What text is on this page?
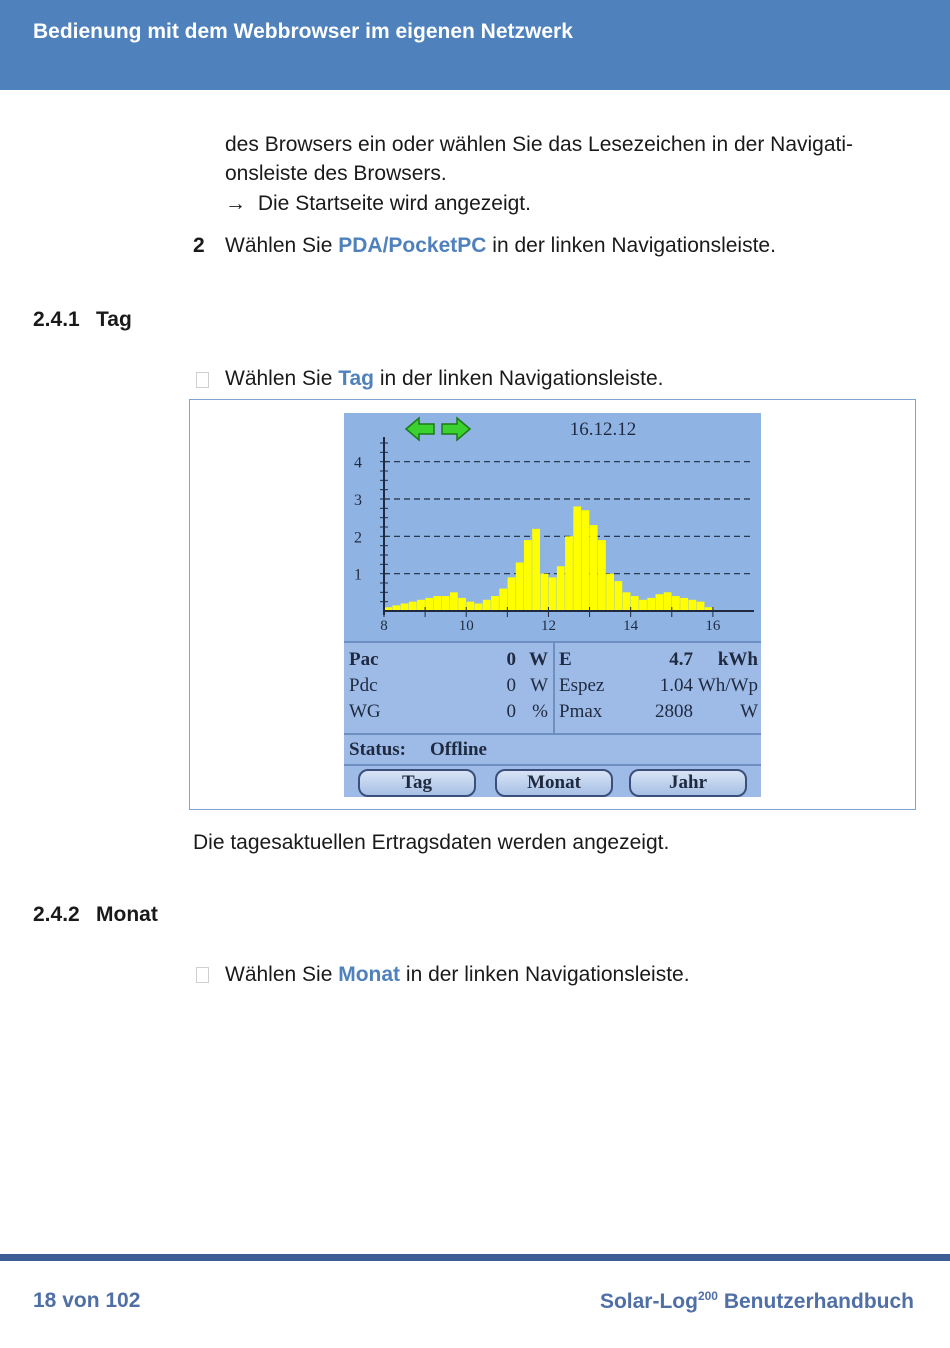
Bedienung mit dem Webbrowser im eigenen Netzwerk
des Browsers ein oder wählen Sie das Lesezeichen in der Navigati-
onsleiste des Browsers.
→ Die Startseite wird angezeigt.
2 Wählen Sie PDA/PocketPC in der linken Navigationsleiste.
2.4.1 Tag
Wählen Sie Tag in der linken Navigationsleiste.
1
2
3
4
8	10	12	14	16
16.12.12
Pac	0 W
Pdc	0 W
WG	0 %
E	4.7 kWh
Espez	1.04 Wh/Wp
Pmax	2808 W
Status: Offline
Tag	Monat	Jahr
Die tagesaktuellen Ertragsdaten werden angezeigt.
2.4.2 Monat
Wählen Sie Monat in der linken Navigationsleiste.
18 von 102	Solar-Log$^{200}$ Benutzerhandbuch
